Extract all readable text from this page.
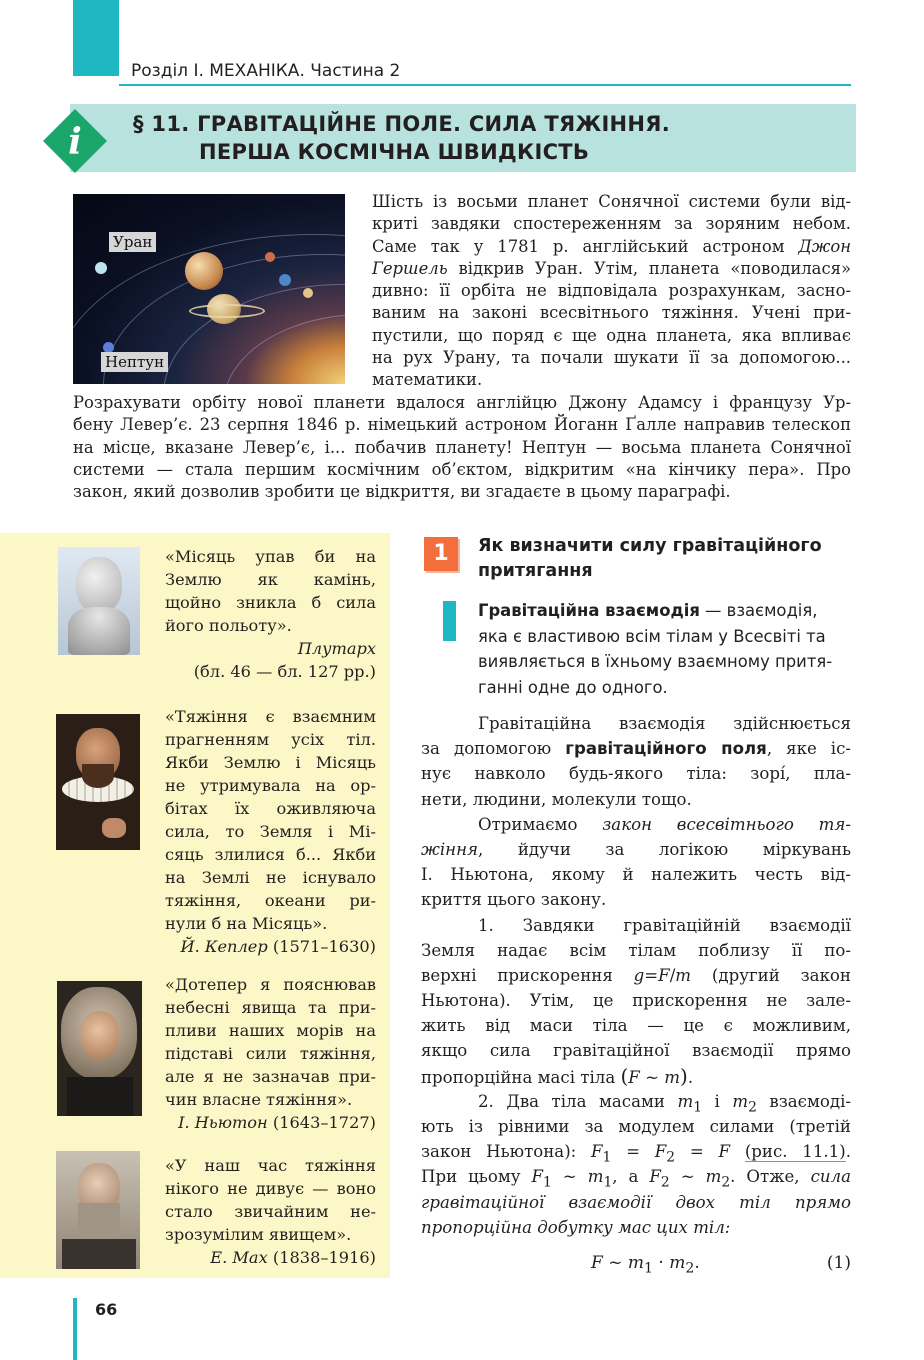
Розділ І. МЕХАНІКА. Частина 2
i § 11. ГРАВІТАЦІЙНЕ ПОЛЕ. СИЛА ТЯЖІННЯ.
ПЕРША КОСМІЧНА ШВИДКІСТЬ
Уран
Нептун
Шість із восьми планет Сонячної системи були від-
криті завдяки спостереженням за зоряним небом.
Саме так у 1781 р. англійський астроном Джон
Гершель відкрив Уран. Утім, планета «поводилася»
дивно: її орбіта не відповідала розрахункам, засно-
ваним на законі всесвітнього тяжіння. Учені при-
пустили, що поряд є ще одна планета, яка впливає
на рух Урану, та почали шукати її за допомогою...
математики.
Розрахувати орбіту нової планети вдалося англійцю Джону Адамсу і французу Ур-
бену Левер’є. 23 серпня 1846 р. німецький астроном Йоганн Ґалле направив телескоп
на місце, вказане Левер’є, і... побачив планету! Нептун — восьма планета Сонячної
системи — стала першим космічним об’єктом, відкритим «на кінчику пера». Про
закон, який дозволив зробити це відкриття, ви згадаєте в цьому параграфі.
«Місяць упав би на
Землю як камінь,
щойно зникла б сила
його польоту».
Плутарх
(бл. 46 — бл. 127 рр.)
«Тяжіння є взаємним
прагненням усіх тіл.
Якби Землю і Місяць
не утримувала на ор-
бітах їх оживляюча
сила, то Земля і Мі-
сяць злилися б... Якби
на Землі не існувало
тяжіння, океани ри-
нули б на Місяць».
Й. Кеплер (1571–1630)
«Дотепер я пояснював
небесні явища та при-
пливи наших морів на
підставі сили тяжіння,
але я не зазначав при-
чин власне тяжіння».
І. Ньютон (1643–1727)
«У наш час тяжіння
нікого не дивує — воно
стало звичайним не-
зрозумілим явищем».
Е. Мах (1838–1916)
1	Як визначити силу гравітаційного
притягання
Гравітаційна взаємодія — взаємодія,
яка є властивою всім тілам у Всесвіті та
виявляється в їхньому взаємному притя-
ганні одне до одного.
Гравітаційна взаємодія здійснюється
за допомогою гравітаційного поля, яке іс-
нує навколо будь-якого тіла: зорі́, пла-
нети, людини, молекули тощо.
Отримаємо закон всесвітнього тя-
жіння, йдучи за логікою міркувань
І. Ньютона, якому й належить честь від-
криття цього закону.
1. Завдяки гравітаційній взаємодії
Земля надає всім тілам поблизу її по-
верхні прискорення g=F/m (другий закон
Ньютона). Утім, це прискорення не зале-
жить від маси тіла — це є можливим,
якщо сила гравітаційної взаємодії прямо
пропорційна масі тіла (F ~ m).
2. Два тіла масами $m_1$ і $m_2$ взаємоді-
ють із рівними за модулем силами (третій
закон Ньютона): $F_1 = F_2 = F$ (рис. 11.1).
При цьому $F_1$ ~ $m_1$, а $F_2$ ~ $m_2$. Отже, сила
гравітаційної взаємодії двох тіл прямо
пропорційна добутку мас цих тіл:
F ~ $m_1 \cdot m_2$.	(1)
66
